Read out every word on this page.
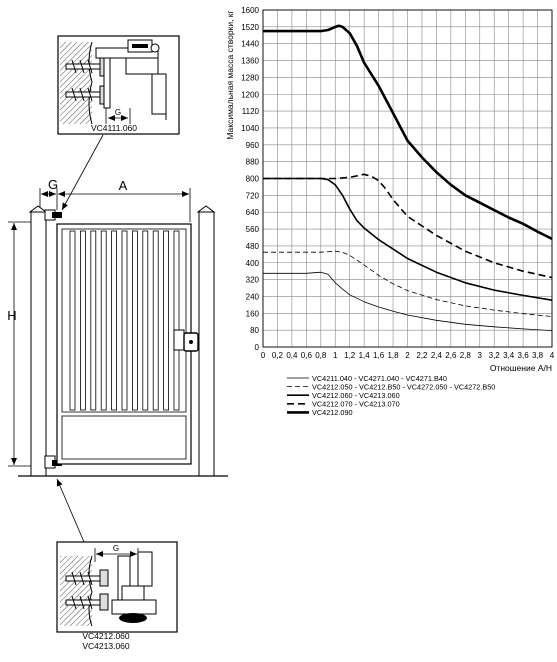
G
VC4111.060
G	A
H
G
VC4212.060
VC4213.060
0 0,2 0,4 0,6 0,8 1 1,2 1,4 1,6 1,8 2 2,2 2,4 2,6 2,8 3 3,2 3,4 3,6 3,8 4
0
80
160
240
320
400
480
560
640
720
800
880
960
1040
1120
1200
1280
1360
1440
1520
1600
Максимальная масса створки, кг
Отношение А/Н
VC4211.040 - VC4271.040 - VC4271.B40
VC4212.050 - VC4212.B50 - VC4272.050 - VC4272.B50
VC4212.060 - VC4213.060
VC4212.070 - VC4213.070
VC4212.090
